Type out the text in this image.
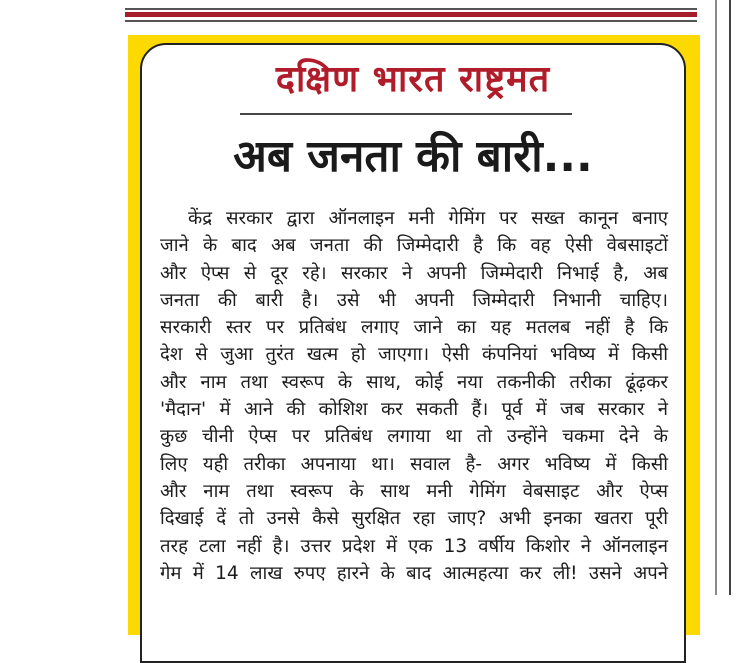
दक्षिण भारत राष्ट्रमत
अब जनता की बारी...
केंद्र सरकार द्वारा ऑनलाइन मनी गेमिंग पर सख्त कानून बनाए
जाने के बाद अब जनता की जिम्मेदारी है कि वह ऐसी वेबसाइटों
और ऐप्स से दूर रहे। सरकार ने अपनी जिम्मेदारी निभाई है, अब
जनता की बारी है। उसे भी अपनी जिम्मेदारी निभानी चाहिए।
सरकारी स्तर पर प्रतिबंध लगाए जाने का यह मतलब नहीं है कि
देश से जुआ तुरंत खत्म हो जाएगा। ऐसी कंपनियां भविष्य में किसी
और नाम तथा स्वरूप के साथ, कोई नया तकनीकी तरीका ढूंढ़कर
'मैदान' में आने की कोशिश कर सकती हैं। पूर्व में जब सरकार ने
कुछ चीनी ऐप्स पर प्रतिबंध लगाया था तो उन्होंने चकमा देने के
लिए यही तरीका अपनाया था। सवाल है- अगर भविष्य में किसी
और नाम तथा स्वरूप के साथ मनी गेमिंग वेबसाइट और ऐप्स
दिखाई दें तो उनसे कैसे सुरक्षित रहा जाए? अभी इनका खतरा पूरी
तरह टला नहीं है। उत्तर प्रदेश में एक 13 वर्षीय किशोर ने ऑनलाइन
गेम में 14 लाख रुपए हारने के बाद आत्महत्या कर ली! उसने अपने
